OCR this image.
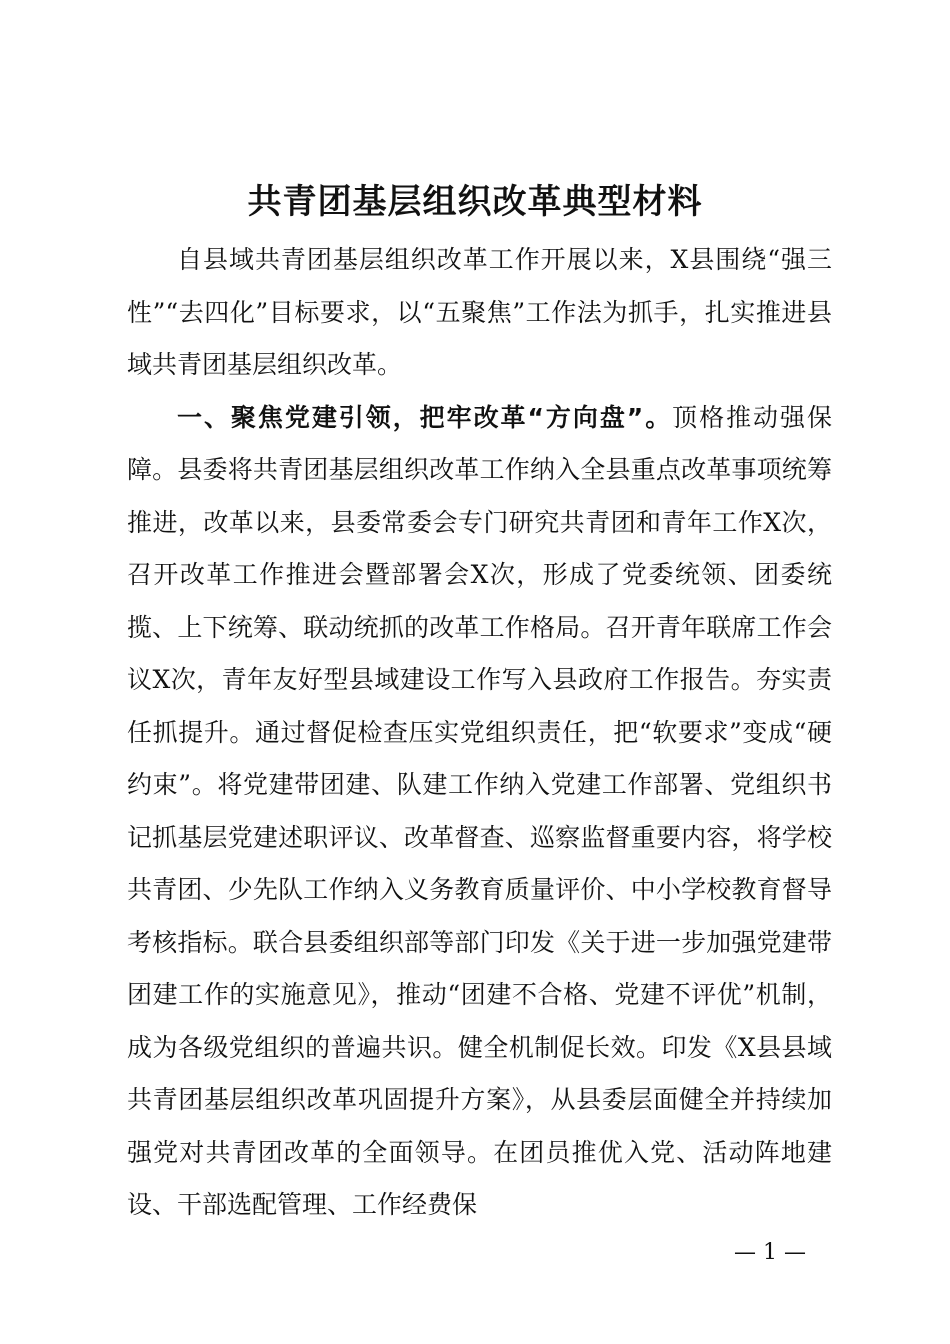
共青团基层组织改革典型材料

自县域共青团基层组织改革工作开展以来，X县围绕“强三性”“去四化”目标要求，以“五聚焦”工作法为抓手，扎实推进县域共青团基层组织改革。

一、聚焦党建引领，把牢改革“方向盘”。顶格推动强保障。县委将共青团基层组织改革工作纳入全县重点改革事项统筹推进，改革以来，县委常委会专门研究共青团和青年工作X次，召开改革工作推进会暨部署会X次，形成了党委统领、团委统揽、上下统筹、联动统抓的改革工作格局。召开青年联席工作会议X次，青年友好型县域建设工作写入县政府工作报告。夯实责任抓提升。通过督促检查压实党组织责任，把“软要求”变成“硬约束”。将党建带团建、队建工作纳入党建工作部署、党组织书记抓基层党建述职评议、改革督查、巡察监督重要内容，将学校共青团、少先队工作纳入义务教育质量评价、中小学校教育督导考核指标。联合县委组织部等部门印发《关于进一步加强党建带团建工作的实施意见》，推动“团建不合格、党建不评优”机制，成为各级党组织的普遍共识。健全机制促长效。印发《X县县域共青团基层组织改革巩固提升方案》，从县委层面健全并持续加强党对共青团改革的全面领导。在团员推优入党、活动阵地建设、干部选配管理、工作经费保

— 1 —
